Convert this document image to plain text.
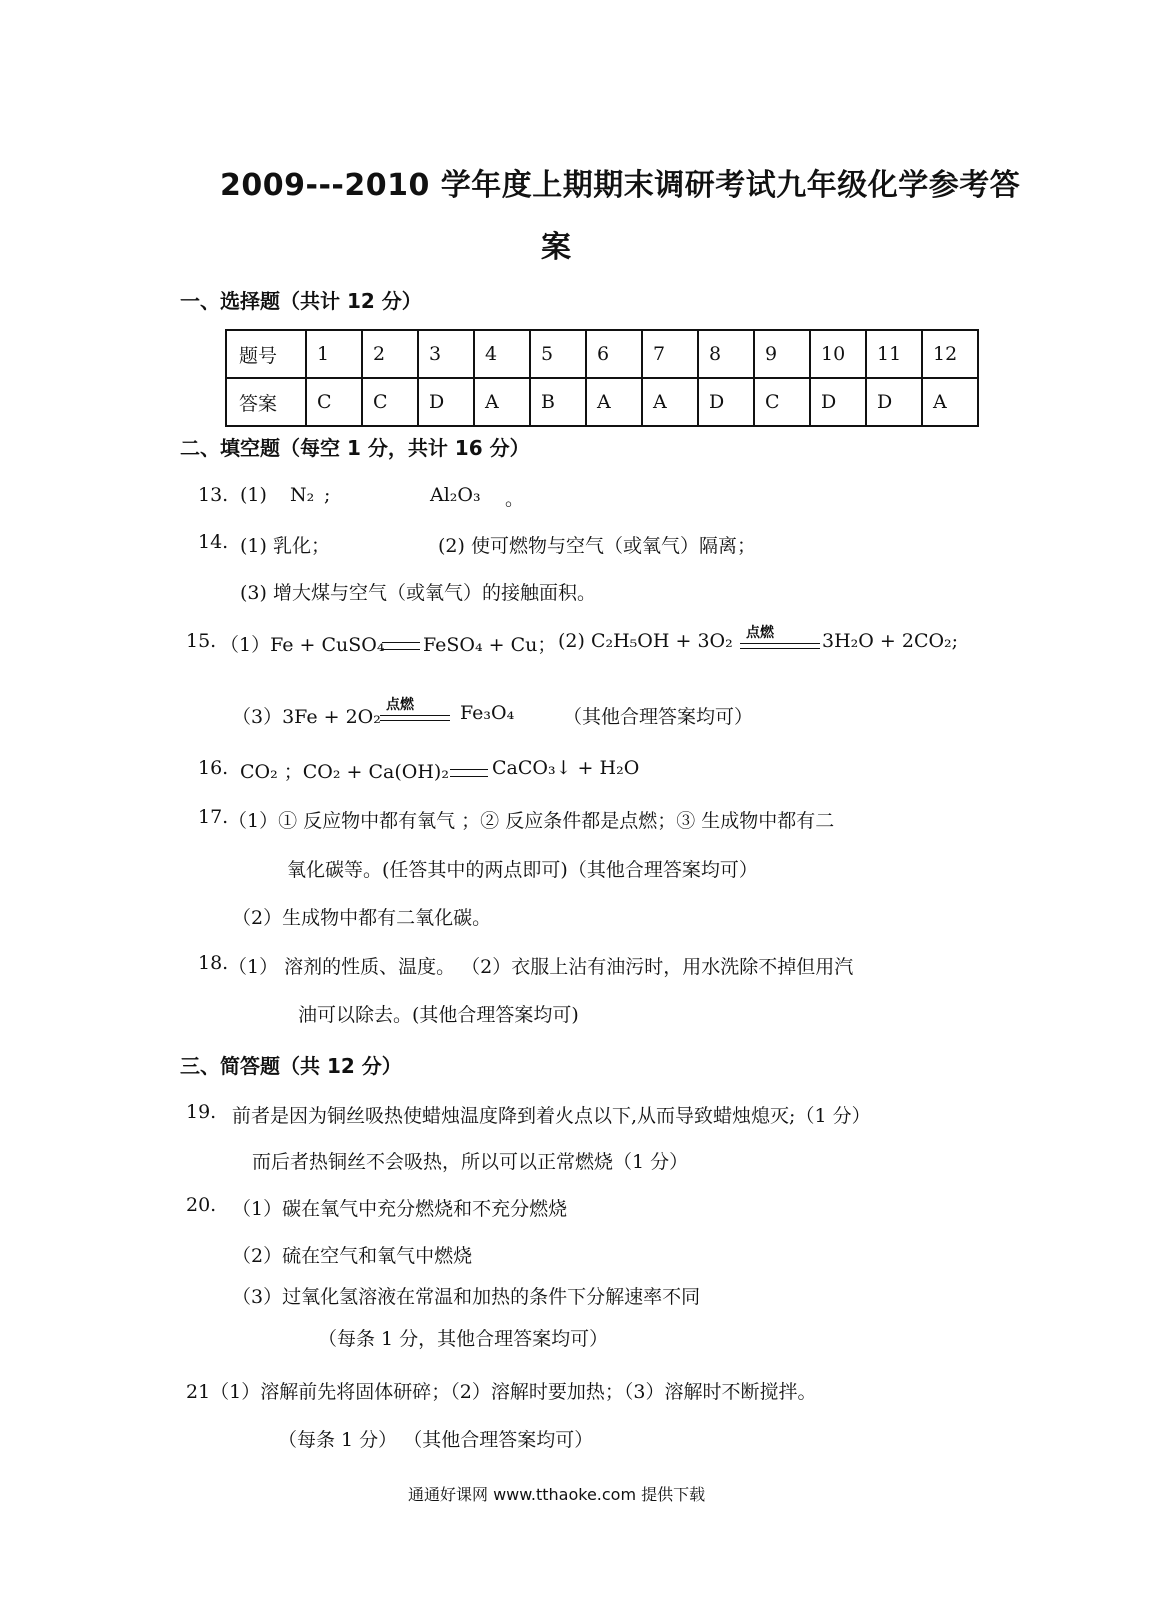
2009---2010 学年度上期期末调研考试九年级化学参考答
案
一、选择题（共计 12 分）
题号	1	2	3	4	5	6	7	8	9	10	11	12
答案	C	C	D	A	B	A	A	D	C	D	D	A
二、填空题（每空 1 分，共计 16 分）
13. (1) N₂ ;	Al₂O₃ 。
14. (1) 乳化；	(2) 使可燃物与空气（或氧气）隔离；
(3) 增大煤与空气（或氧气）的接触面积。
15. （1）Fe + CuSO₄ FeSO₄ + Cu； (2) C₂H₅OH + 3O₂ 点燃	3H₂O + 2CO₂;
（3）3Fe + 2O₂
点燃 Fe₃O₄	（其他合理答案均可）
16. CO₂ ；CO₂ + Ca(OH)₂ CaCO₃↓ + H₂O
17. （1）① 反应物中都有氧气 ；② 反应条件都是点燃；③ 生成物中都有二
氧化碳等。(任答其中的两点即可)（其他合理答案均可）
（2）生成物中都有二氧化碳。
18. （1） 溶剂的性质、温度。 （2）衣服上沾有油污时，用水洗除不掉但用汽
油可以除去。(其他合理答案均可)
三、简答题（共 12 分）
19. 前者是因为铜丝吸热使蜡烛温度降到着火点以下,从而导致蜡烛熄灭;（1 分）
而后者热铜丝不会吸热，所以可以正常燃烧（1 分）
20. （1）碳在氧气中充分燃烧和不充分燃烧
（2）硫在空气和氧气中燃烧
（3）过氧化氢溶液在常温和加热的条件下分解速率不同
（每条 1 分，其他合理答案均可）
21（1）溶解前先将固体研碎；（2）溶解时要加热；（3）溶解时不断搅拌。
（每条 1 分） （其他合理答案均可）
通通好课网 www.tthaoke.com 提供下载
